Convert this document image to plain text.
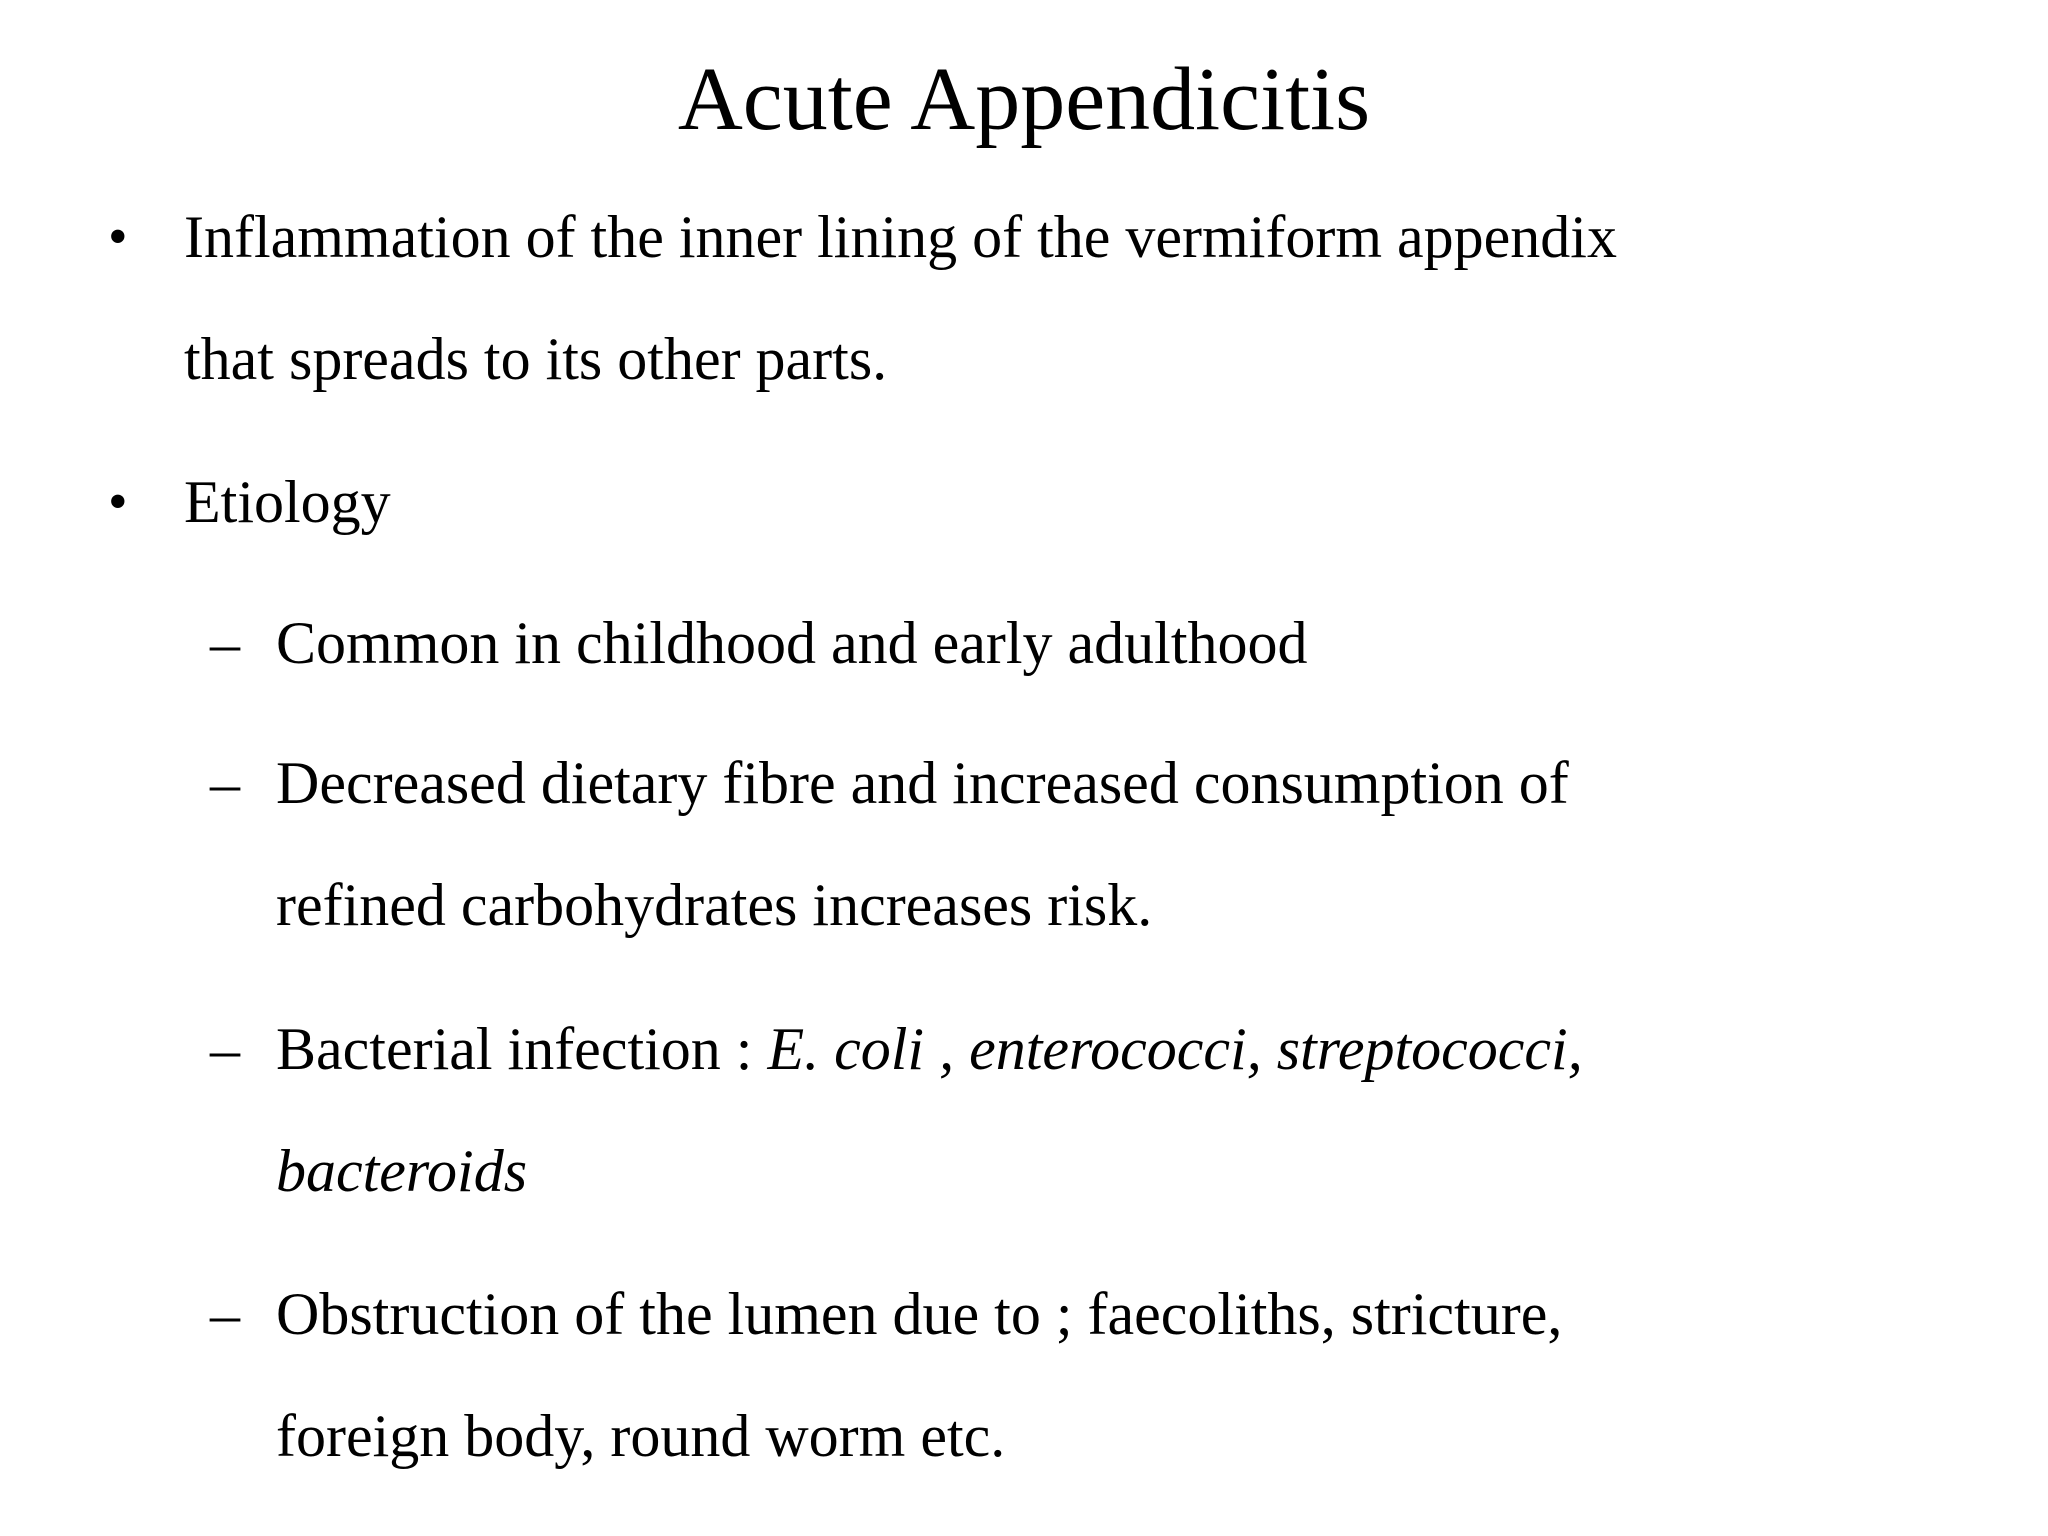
Acute Appendicitis
• Inflammation of the inner lining of the vermiform appendix
that spreads to its other parts.
• Etiology
– Common in childhood and early adulthood
– Decreased dietary fibre and increased consumption of
refined carbohydrates increases risk.
– Bacterial infection : E. coli , enterococci, streptococci,
bacteroids
– Obstruction of the lumen due to ; faecoliths, stricture,
foreign body, round worm etc.
